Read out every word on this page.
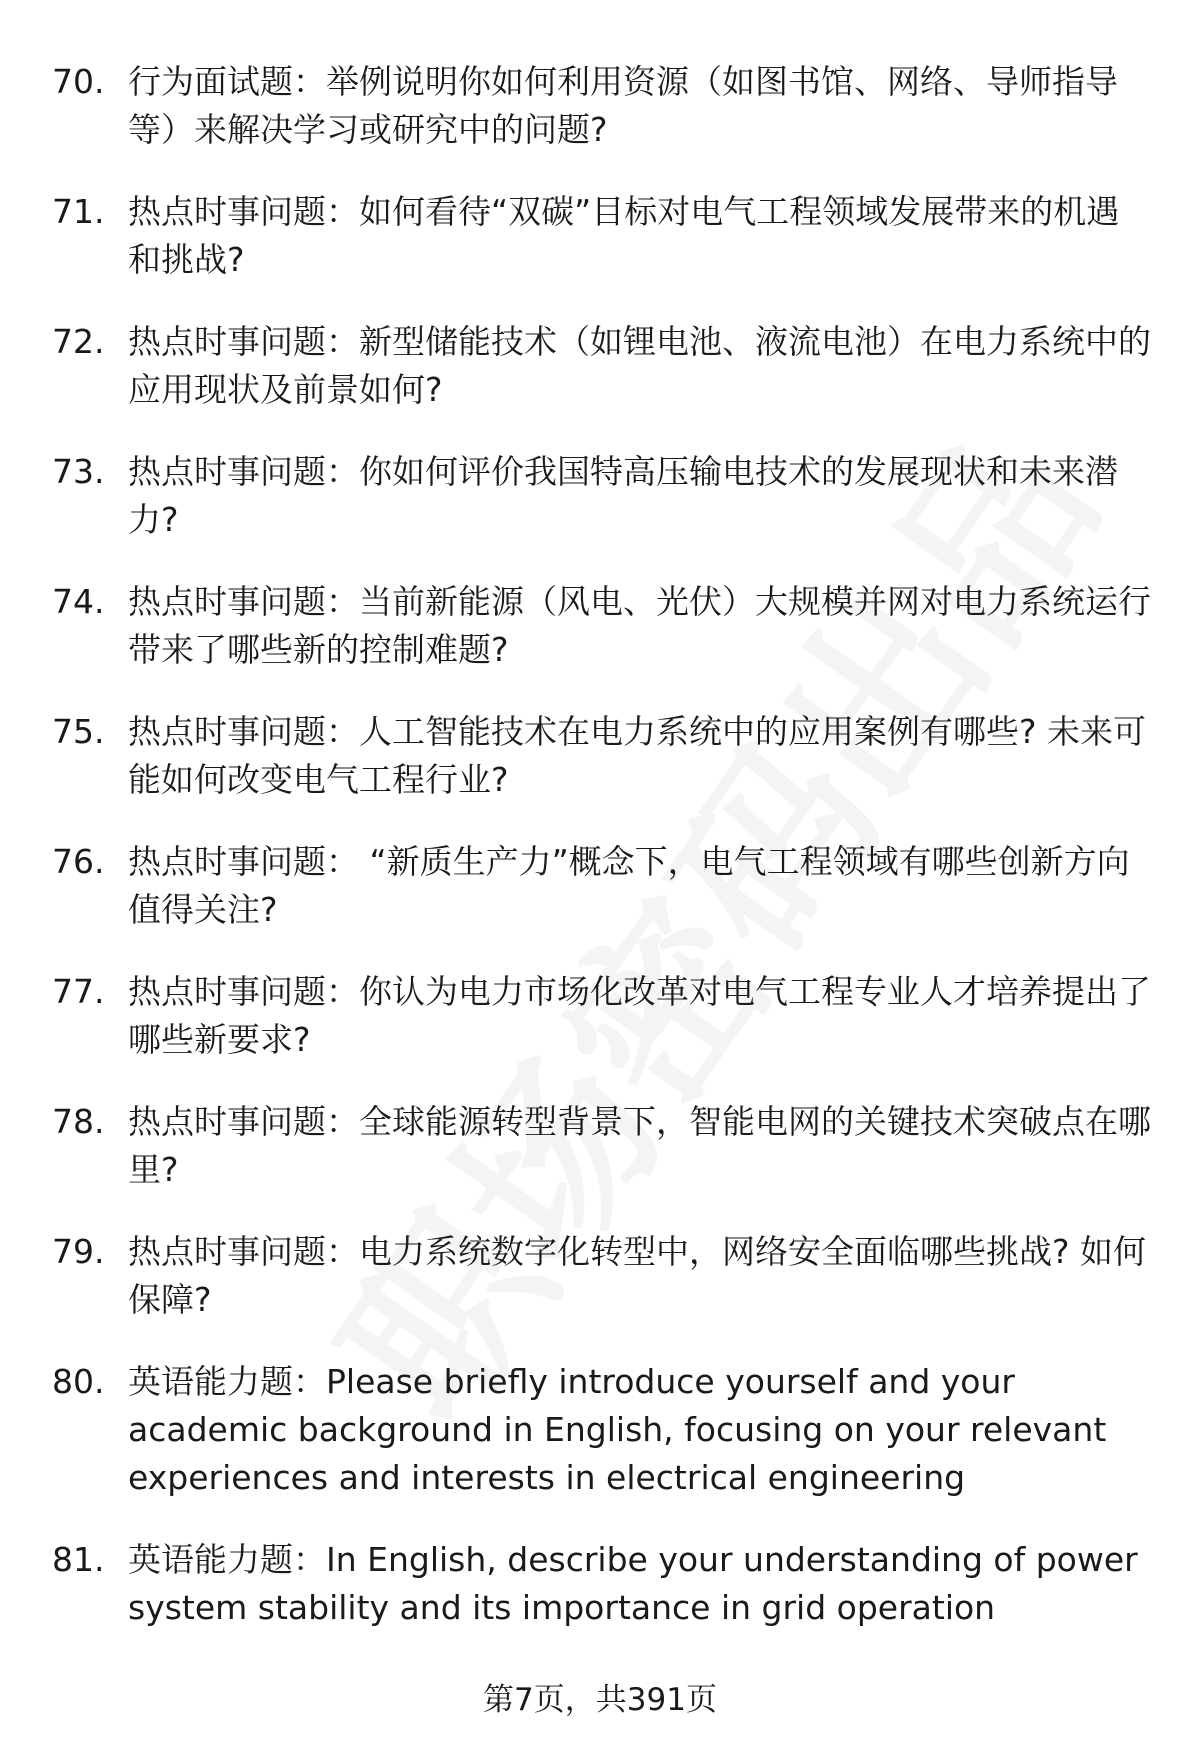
70. 行为面试题：举例说明你如何利用资源（如图书馆、网络、导师指导等）来解决学习或研究中的问题?
71. 热点时事问题：如何看待“双碳”目标对电气工程领域发展带来的机遇和挑战?
72. 热点时事问题：新型储能技术（如锂电池、液流电池）在电力系统中的应用现状及前景如何?
73. 热点时事问题：你如何评价我国特高压输电技术的发展现状和未来潜力?
74. 热点时事问题：当前新能源（风电、光伏）大规模并网对电力系统运行带来了哪些新的控制难题?
75. 热点时事问题：人工智能技术在电力系统中的应用案例有哪些? 未来可能如何改变电气工程行业?
76. 热点时事问题： “新质生产力”概念下，电气工程领域有哪些创新方向值得关注?
77. 热点时事问题：你认为电力市场化改革对电气工程专业人才培养提出了哪些新要求?
78. 热点时事问题：全球能源转型背景下，智能电网的关键技术突破点在哪里?
79. 热点时事问题：电力系统数字化转型中，网络安全面临哪些挑战? 如何保障?
80. 英语能力题：Please briefly introduce yourself and your academic background in English, focusing on your relevant experiences and interests in electrical engineering
81. 英语能力题：In English, describe your understanding of power system stability and its importance in grid operation
第7页，共391页
